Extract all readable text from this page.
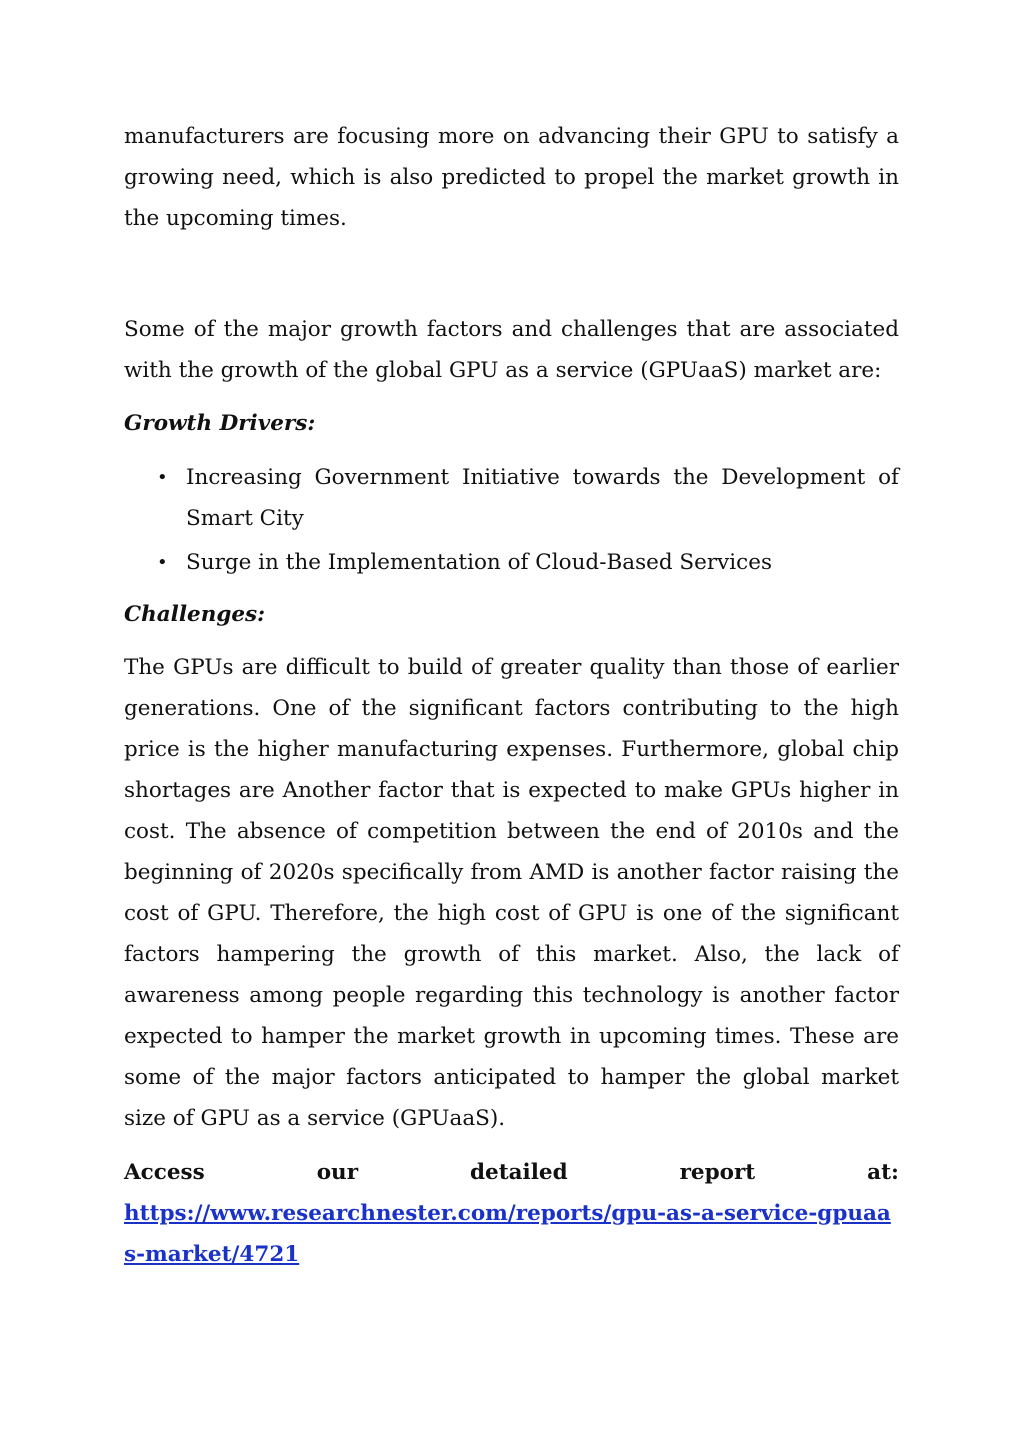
manufacturers are focusing more on advancing their GPU to satisfy a growing need, which is also predicted to propel the market growth in the upcoming times.

Some of the major growth factors and challenges that are associated with the growth of the global GPU as a service (GPUaaS) market are:

Growth Drivers:
• Increasing Government Initiative towards the Development of Smart City
• Surge in the Implementation of Cloud-Based Services
Challenges:

The GPUs are difficult to build of greater quality than those of earlier generations. One of the significant factors contributing to the high price is the higher manufacturing expenses. Furthermore, global chip shortages are Another factor that is expected to make GPUs higher in cost. The absence of competition between the end of 2010s and the beginning of 2020s specifically from AMD is another factor raising the cost of GPU. Therefore, the high cost of GPU is one of the significant factors hampering the growth of this market. Also, the lack of awareness among people regarding this technology is another factor expected to hamper the market growth in upcoming times. These are some of the major factors anticipated to hamper the global market size of GPU as a service (GPUaaS).

Access	our	detailed	report	at:
https://www.researchnester.com/reports/gpu-as-a-service-gpuaas-market/4721
